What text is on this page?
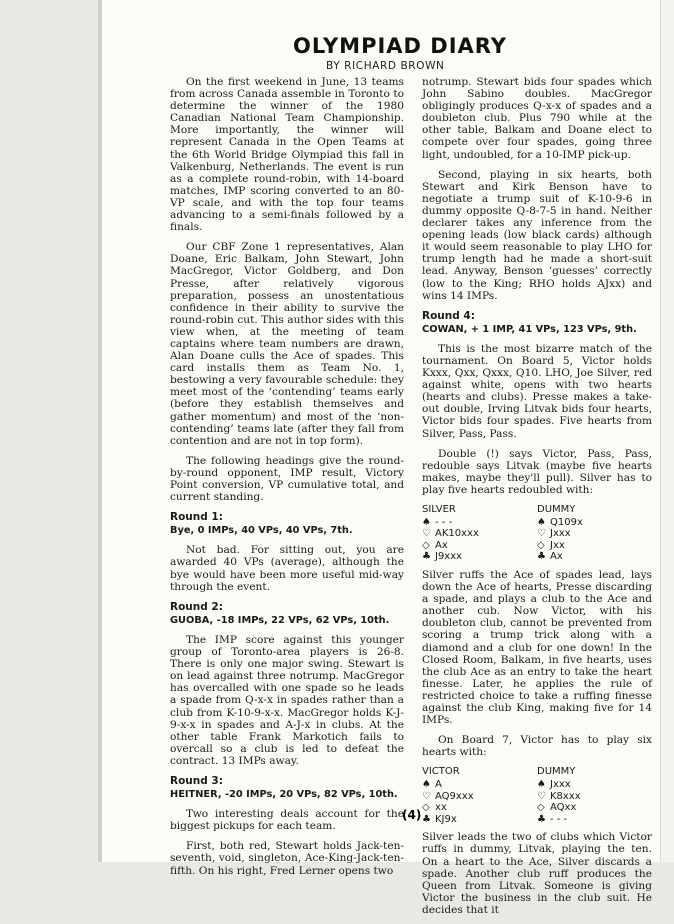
OLYMPIAD DIARY
BY RICHARD BROWN

On the first weekend in June, 13 teams from across Canada assemble in Toronto to determine the winner of the 1980 Canadian National Team Championship. More importantly, the winner will represent Canada in the Open Teams at the 6th World Bridge Olympiad this fall in Valkenburg, Netherlands. The event is run as a complete round-robin, with 14-board matches, IMP scoring converted to an 80-VP scale, and with the top four teams advancing to a semi-finals followed by a finals.

Our CBF Zone 1 representatives, Alan Doane, Eric Balkam, John Stewart, John MacGregor, Victor Goldberg, and Don Presse, after relatively vigorous preparation, possess an unostentatious confidence in their ability to survive the round-robin cut. This author sides with this view when, at the meeting of team captains where team numbers are drawn, Alan Doane culls the Ace of spades. This card installs them as Team No. 1, bestowing a very favourable schedule: they meet most of the ‘contending’ teams early (before they establish themselves and gather momentum) and most of the ‘non-contending’ teams late (after they fall from contention and are not in top form).

The following headings give the round-by-round opponent, IMP result, Victory Point conversion, VP cumulative total, and current standing.

Round 1:
Bye, 0 IMPs, 40 VPs, 40 VPs, 7th.

Not bad. For sitting out, you are awarded 40 VPs (average), although the bye would have been more useful mid-way through the event.

Round 2:
GUOBA, -18 IMPs, 22 VPs, 62 VPs, 10th.

The IMP score against this younger group of Toronto-area players is 26-8. There is only one major swing. Stewart is on lead against three notrump. MacGregor has overcalled with one spade so he leads a spade from Q-x-x in spades rather than a club from K-10-9-x-x. MacGregor holds K-J-9-x-x in spades and A-J-x in clubs. At the other table Frank Markotich fails to overcall so a club is led to defeat the contract. 13 IMPs away.

Round 3:
HEITNER, -20 IMPs, 20 VPs, 82 VPs, 10th.

Two interesting deals account for the biggest pickups for each team.

First, both red, Stewart holds Jack-ten-seventh, void, singleton, Ace-King-Jack-ten-fifth. On his right, Fred Lerner opens two

notrump. Stewart bids four spades which John Sabino doubles. MacGregor obligingly produces Q-x-x of spades and a doubleton club. Plus 790 while at the other table, Balkam and Doane elect to compete over four spades, going three light, undoubled, for a 10-IMP pick-up.

Second, playing in six hearts, both Stewart and Kirk Benson have to negotiate a trump suit of K-10-9-6 in dummy opposite Q-8-7-5 in hand. Neither declarer takes any inference from the opening leads (low black cards) although it would seem reasonable to play LHO for trump length had he made a short-suit lead. Anyway, Benson ‘guesses’ correctly (low to the King; RHO holds AJxx) and wins 14 IMPs.

Round 4:
COWAN, + 1 IMP, 41 VPs, 123 VPs, 9th.

This is the most bizarre match of the tournament. On Board 5, Victor holds Kxxx, Qxx, Qxxx, Q10. LHO, Joe Silver, red against white, opens with two hearts (hearts and clubs). Presse makes a take-out double, Irving Litvak bids four hearts, Victor bids four spades. Five hearts from Silver, Pass, Pass.

Double (!) says Victor, Pass, Pass, redouble says Litvak (maybe five hearts makes, maybe they'll pull). Silver has to play five hearts redoubled with:

SILVER
♠ - - -
♡ AK10xxx
◇ Ax
♣ J9xxx
DUMMY
♠ Q109x
♡ Jxxx
◇ Jxx
♣ Ax

Silver ruffs the Ace of spades lead, lays down the Ace of hearts, Presse discarding a spade, and plays a club to the Ace and another cub. Now Victor, with his doubleton club, cannot be prevented from scoring a trump trick along with a diamond and a club for one down! In the Closed Room, Balkam, in five hearts, uses the club Ace as an entry to take the heart finesse. Later, he applies the rule of restricted choice to take a ruffing finesse against the club King, making five for 14 IMPs.

On Board 7, Victor has to play six hearts with:

VICTOR
♠ A
♡ AQ9xxx
◇ xx
♣ KJ9x
DUMMY
♠ Jxxx
♡ K8xxx
◇ AQxx
♣ - - -

Silver leads the two of clubs which Victor ruffs in dummy, Litvak, playing the ten. On a heart to the Ace, Silver discards a spade. Another club ruff produces the Queen from Litvak. Someone is giving Victor the business in the club suit. He decides that it

(4)
